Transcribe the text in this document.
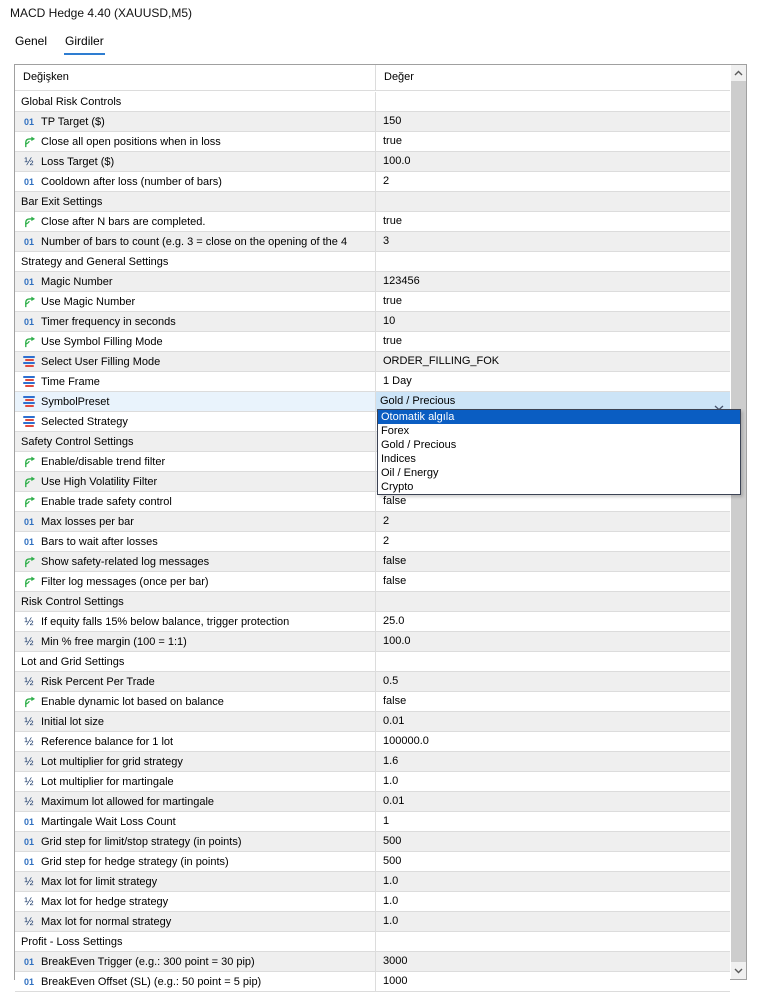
MACD Hedge 4.40 (XAUUSD,M5)
Genel Girdiler
Değişken	Değer
Global Risk Controls
01 TP Target ($)	150
Close all open positions when in loss	true
½ Loss Target ($)	100.0
01 Cooldown after loss (number of bars)	2
Bar Exit Settings
Close after N bars are completed.	true
01 Number of bars to count (e.g. 3 = close on the opening of the 4	3
Strategy and General Settings
01 Magic Number	123456
Use Magic Number	true
01 Timer frequency in seconds	10
Use Symbol Filling Mode	true
Select User Filling Mode	ORDER_FILLING_FOK
Time Frame	1 Day
SymbolPreset	Gold / Precious
Selected Strategy
Safety Control Settings
Enable/disable trend filter
Use High Volatility Filter
Enable trade safety control	false
01 Max losses per bar	2
01 Bars to wait after losses	2
Show safety-related log messages	false
Filter log messages (once per bar)	false
Risk Control Settings
½ If equity falls 15% below balance, trigger protection	25.0
½ Min % free margin (100 = 1:1)	100.0
Lot and Grid Settings
½ Risk Percent Per Trade	0.5
Enable dynamic lot based on balance	false
½ Initial lot size	0.01
½ Reference balance for 1 lot	100000.0
½ Lot multiplier for grid strategy	1.6
½ Lot multiplier for martingale	1.0
½ Maximum lot allowed for martingale	0.01
01 Martingale Wait Loss Count	1
01 Grid step for limit/stop strategy (in points)	500
01 Grid step for hedge strategy (in points)	500
½ Max lot for limit strategy	1.0
½ Max lot for hedge strategy	1.0
½ Max lot for normal strategy	1.0
Profit - Loss Settings
01 BreakEven Trigger (e.g.: 300 point = 30 pip)	3000
01 BreakEven Offset (SL) (e.g.: 50 point = 5 pip)	1000
Otomatik algıla
Forex
Gold / Precious
Indices
Oil / Energy
Crypto
